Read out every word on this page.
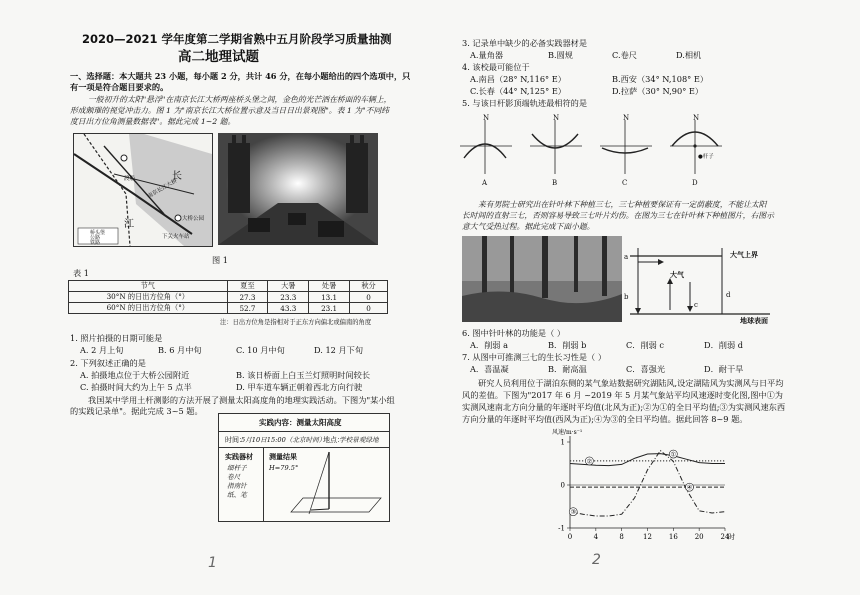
2020—2021 学年度第二学期省熟中五月阶段学习质量抽测
高二地理试题
一、选择题：本大题共 23 小题，每小题 2 分，共计 46 分，在每小题给出的四个选项中，只
有一项是符合题目要求的。
一般初升的太阳"悬浮"在南京长江大桥两座桥头堡之间，金色的光芒洒在桥面的车辆上，
形成颇璀的视觉冲击力。图 1 为"南京长江大桥位置示意及当日日出景观图"。表 1 为"不同纬
度日出方位角测量数据表"。据此完成 1~2 题。
长
江
南京长江大桥
大桥公园
下关火车站
渡船
桥头堡
公路
铁路
图 1
表 1
节气	夏至	大暑	处暑	秋分
30°N 的日出方位角（°）	27.3	23.3	13.1	0
60°N 的日出方位角（°）	52.7	43.3	23.1	0
注：日出方位角是指相对于正东方向偏北或偏南的角度
1. 照片拍摄的日期可能是
A. 2 月上旬	B. 6 月中旬	C. 10 月中旬	D. 12 月下旬
2. 下列叙述正确的是
A. 拍摄地点位于大桥公园附近	B. 该日桥面上白玉兰灯照明时间较长
C. 拍摄时间大约为上午 5 点半	D. 甲车道车辆正朝着西北方向行驶
我国某中学用土杆测影的方法开展了测量太阳高度角的地理实践活动。下图为"某小组
的实践记录单"。据此完成 3~5 题。
实践内容：测量太阳高度
时间：
5月10日15:00（北京时间）
地点：
学校景观绿地
实践器材
细杆子
卷尺
指南针
纸、笔
测量结果
H=79.5°
1
3. 记录单中缺少的必备实践器材是
A.量角器	B.圆规	C.卷尺	D.相机
4. 该校最可能位于
A.南昌（28° N,116° E）	B.西安（34° N,108° E）
C.长春（44° N,125° E）	D.拉萨（30° N,90° E）
5. 与该日杆影顶端轨迹最相符的是
N	N	N	N
A	B	C	D
●杆子
来有男院士研究出在针叶林下种植三七，三七种植要保证有一定荫蔽度，不能让太阳
长时间的直射三七，否则容易导致三七叶片灼伤。在图为三七在针叶林下种植图片，右图示
意大气受热过程。据此完成下面小题。
a
b
c
d
大气上界
大气
地球表面
6. 图中针叶林的功能是（ ）
A．削弱 a	B．削弱 b	C．削弱 c	D．削弱 d
7. 从图中可推测三七的生长习性是（ ）
A．喜温凝	B．耐高温	C．喜强光	D．耐干旱
研究人员利用位于湖泊东侧的某气象站数据研究湖陆风,设定湖陆风为实测风与日平均
风的差值。下图为"2017 年 6 月 ~2019 年 5 月某气象站平均风速逐时变化图,图中①为
实测风速南北方向分量的年逐时平均值(北风为正);②为①的全日平均值;③为实测风速东西
方向分量的年逐时平均值(西风为正);④为③的全日平均值。据此回答 8~9 题。
0	4	8	12 16 20 24
-1
0
1
风速/m·s⁻¹
时
①
②
③
④
2
